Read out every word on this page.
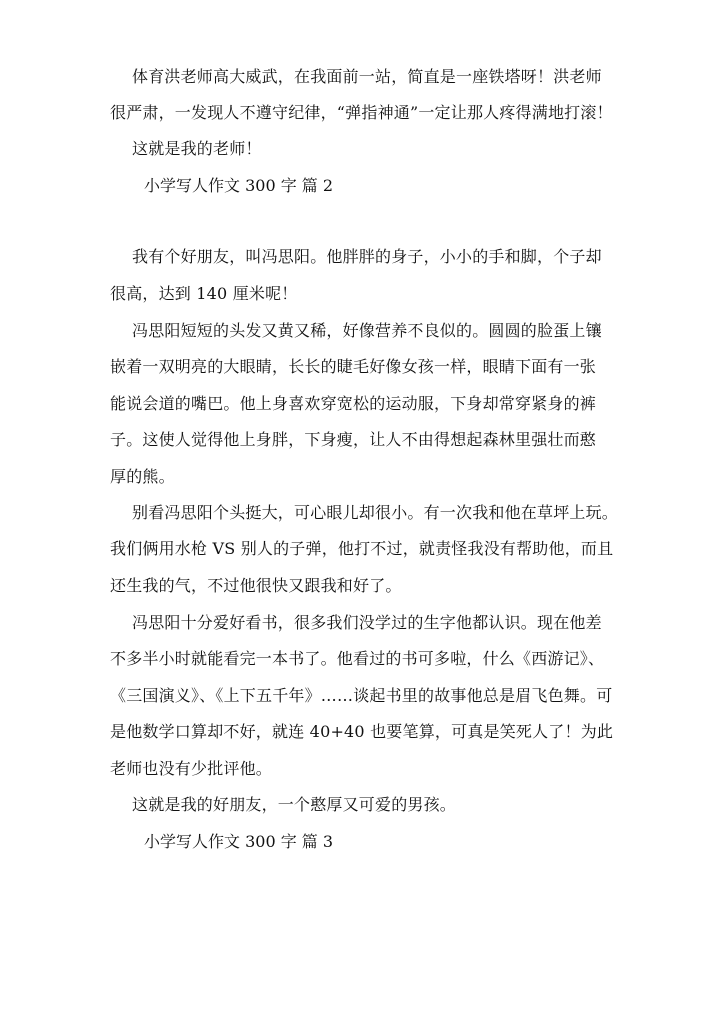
体育洪老师高大威武，在我面前一站，简直是一座铁塔呀！洪老师
很严肃，一发现人不遵守纪律，“弹指神通”一定让那人疼得满地打滚！
这就是我的老师！
小学写人作文 300 字 篇 2
我有个好朋友，叫冯思阳。他胖胖的身子，小小的手和脚，个子却
很高，达到 140 厘米呢！
冯思阳短短的头发又黄又稀，好像营养不良似的。圆圆的脸蛋上镶
嵌着一双明亮的大眼睛，长长的睫毛好像女孩一样，眼睛下面有一张
能说会道的嘴巴。他上身喜欢穿宽松的运动服，下身却常穿紧身的裤
子。这使人觉得他上身胖，下身瘦，让人不由得想起森林里强壮而憨
厚的熊。
别看冯思阳个头挺大，可心眼儿却很小。有一次我和他在草坪上玩。
我们俩用水枪 VS 别人的子弹，他打不过，就责怪我没有帮助他，而且
还生我的气，不过他很快又跟我和好了。
冯思阳十分爱好看书，很多我们没学过的生字他都认识。现在他差
不多半小时就能看完一本书了。他看过的书可多啦，什么《西游记》、
《三国演义》、《上下五千年》……谈起书里的故事他总是眉飞色舞。可
是他数学口算却不好，就连 40+40 也要笔算，可真是笑死人了！为此
老师也没有少批评他。
这就是我的好朋友，一个憨厚又可爱的男孩。
小学写人作文 300 字 篇 3
